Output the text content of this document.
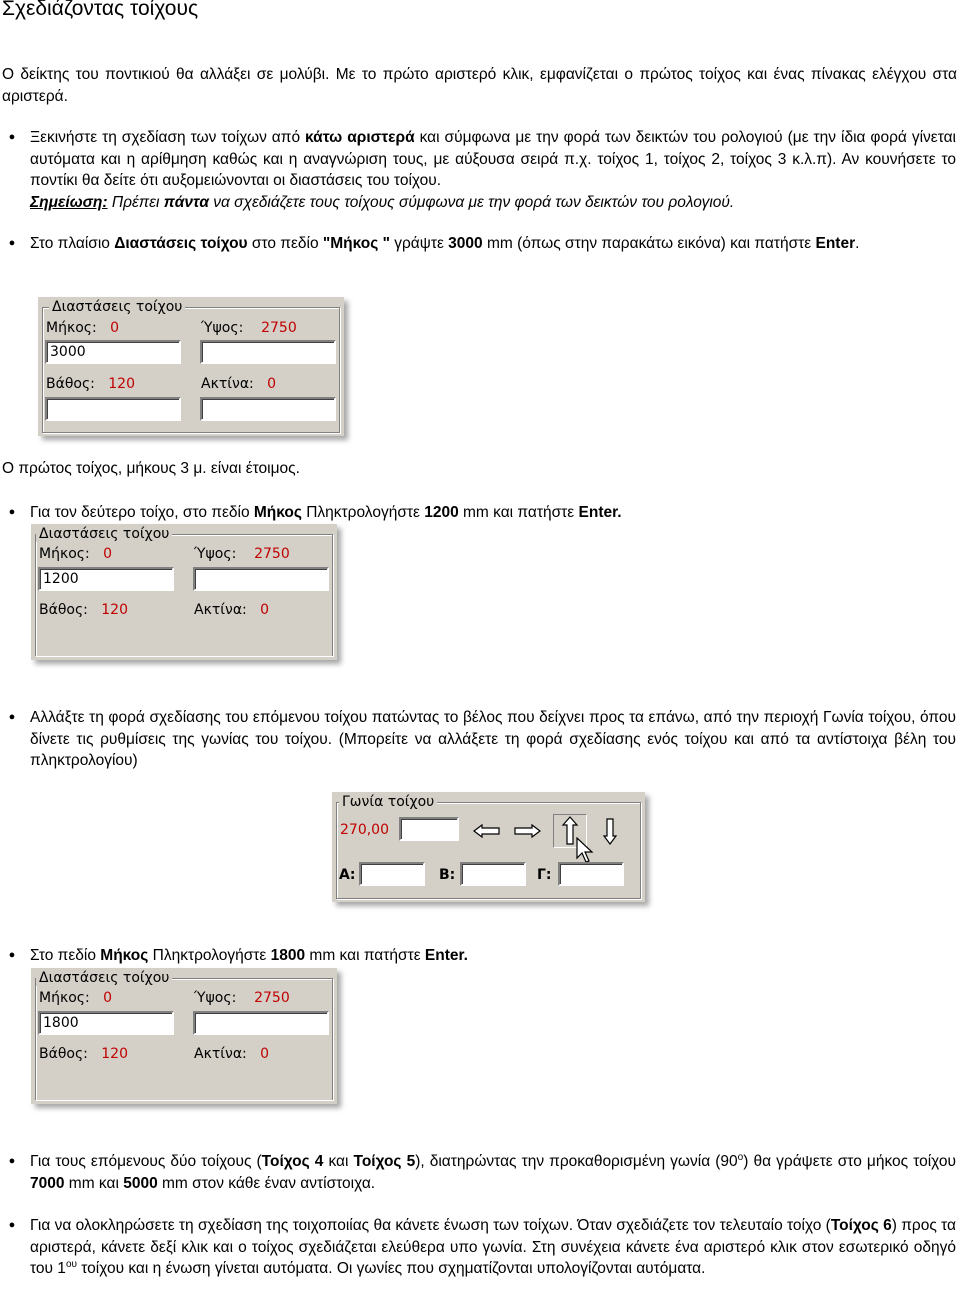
Σχεδιάζοντας τοίχους
Ο δείκτης του ποντικιού θα αλλάξει σε μολύβι. Με το πρώτο αριστερό κλικ, εμφανίζεται ο πρώτος τοίχος και ένας πίνακας ελέγχου στα αριστερά.
● Ξεκινήστε τη σχεδίαση των τοίχων από κάτω αριστερά και σύμφωνα με την φορά των δεικτών του ρολογιού (με την ίδια φορά γίνεται αυτόματα και η αρίθμηση καθώς και η αναγνώριση τους, με αύξουσα σειρά π.χ. τοίχος 1, τοίχος 2, τοίχος 3 κ.λ.π). Αν κουνήσετε το ποντίκι θα δείτε ότι αυξομειώνονται οι διαστάσεις του τοίχου.
Σημείωση: Πρέπει πάντα να σχεδιάζετε τους τοίχους σύμφωνα με την φορά των δεικτών του ρολογιού.
● Στο πλαίσιο Διαστάσεις τοίχου στο πεδίο "Μήκος " γράψτε 3000 mm (όπως στην παρακάτω εικόνα) και πατήστε Enter.
Διαστάσεις τοίχου
Μήκος: 0	Ύψος: 2750
3000
Βάθος: 120	Ακτίνα: 0
Ο πρώτος τοίχος, μήκους 3 μ. είναι έτοιμος.
● Για τον δεύτερο τοίχο, στο πεδίο Μήκος Πληκτρολογήστε 1200 mm και πατήστε Enter.
Διαστάσεις τοίχου
Μήκος: 0	Ύψος: 2750
1200
Βάθος: 120	Ακτίνα: 0
● Αλλάξτε τη φορά σχεδίασης του επόμενου τοίχου πατώντας το βέλος που δείχνει προς τα επάνω, από την περιοχή Γωνία τοίχου, όπου δίνετε τις ρυθμίσεις της γωνίας του τοίχου. (Μπορείτε να αλλάξετε τη φορά σχεδίασης ενός τοίχου και από τα αντίστοιχα βέλη του πληκτρολογίου)
Γωνία τοίχου
270,00
Α:	Β:	Γ:
● Στο πεδίο Μήκος Πληκτρολογήστε 1800 mm και πατήστε Enter.
Διαστάσεις τοίχου
Μήκος: 0	Ύψος: 2750
1800
Βάθος: 120	Ακτίνα: 0
● Για τους επόμενους δύο τοίχους (Τοίχος 4 και Τοίχος 5), διατηρώντας την προκαθορισμένη γωνία $(90^o)$ θα γράψετε στο μήκος τοίχου 7000 mm και 5000 mm στον κάθε έναν αντίστοιχα.
● Για να ολοκληρώσετε τη σχεδίαση της τοιχοποιίας θα κάνετε ένωση των τοίχων. Όταν σχεδιάζετε τον τελευταίο τοίχο (Τοίχος 6) προς τα αριστερά, κάνετε δεξί κλικ και ο τοίχος σχεδιάζεται ελεύθερα υπο γωνία. Στη συνέχεια κάνετε ένα αριστερό κλικ στον εσωτερικό οδηγό του $1^{o\upsilon}$ τοίχου και η ένωση γίνεται αυτόματα. Οι γωνίες που σχηματίζονται υπολογίζονται αυτόματα.
